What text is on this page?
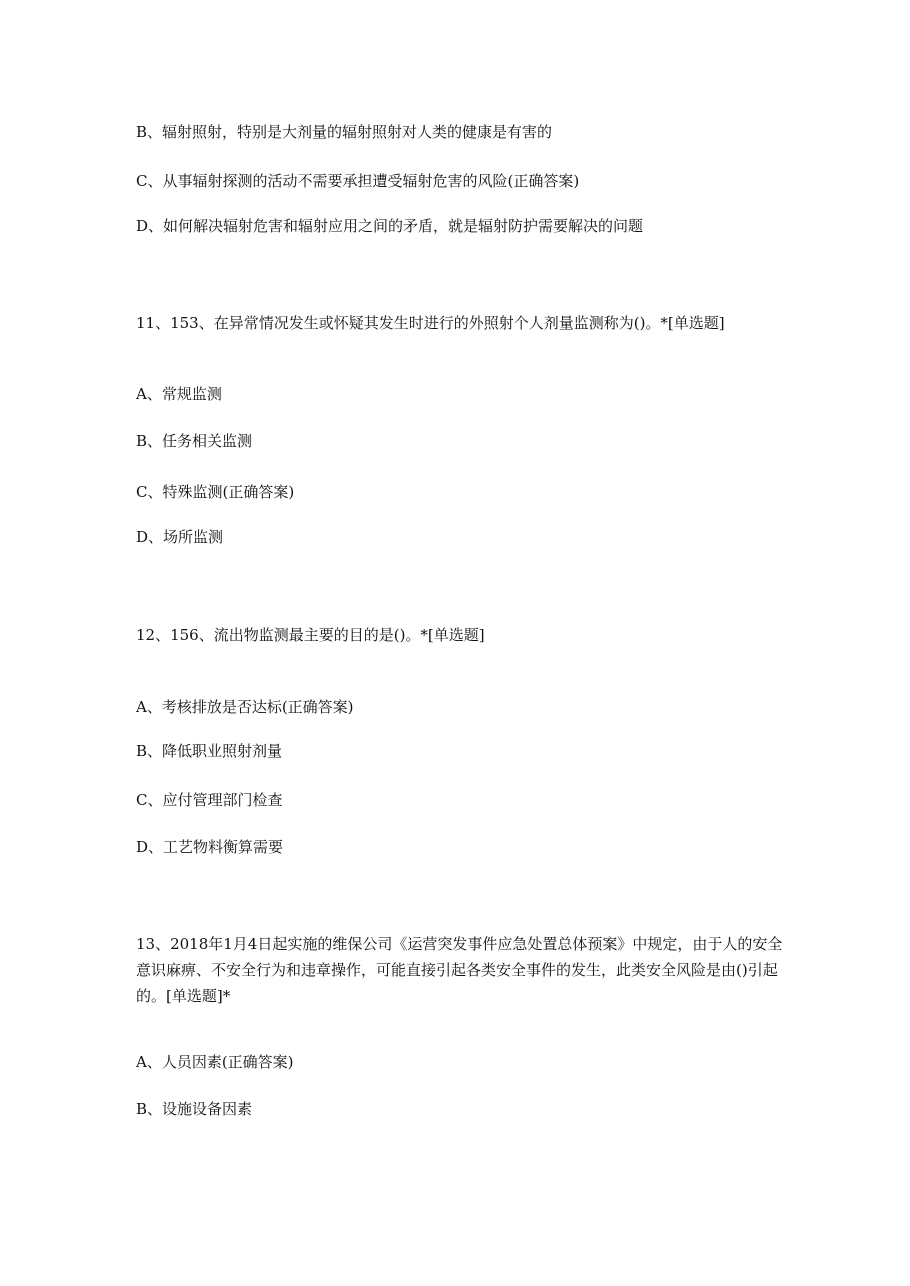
B、辐射照射，特别是大剂量的辐射照射对人类的健康是有害的
C、从事辐射探测的活动不需要承担遭受辐射危害的风险(正确答案)
D、如何解决辐射危害和辐射应用之间的矛盾，就是辐射防护需要解决的问题
11、153、在异常情况发生或怀疑其发生时进行的外照射个人剂量监测称为()。*[单选题]
A、常规监测
B、任务相关监测
C、特殊监测(正确答案)
D、场所监测
12、156、流出物监测最主要的目的是()。*[单选题]
A、考核排放是否达标(正确答案)
B、降低职业照射剂量
C、应付管理部门检查
D、工艺物料衡算需要
13、2018年1月4日起实施的维保公司《运营突发事件应急处置总体预案》中规定，由于人的安全意识麻痹、不安全行为和违章操作，可能直接引起各类安全事件的发生，此类安全风险是由()引起的。[单选题]*
A、人员因素(正确答案)
B、设施设备因素
